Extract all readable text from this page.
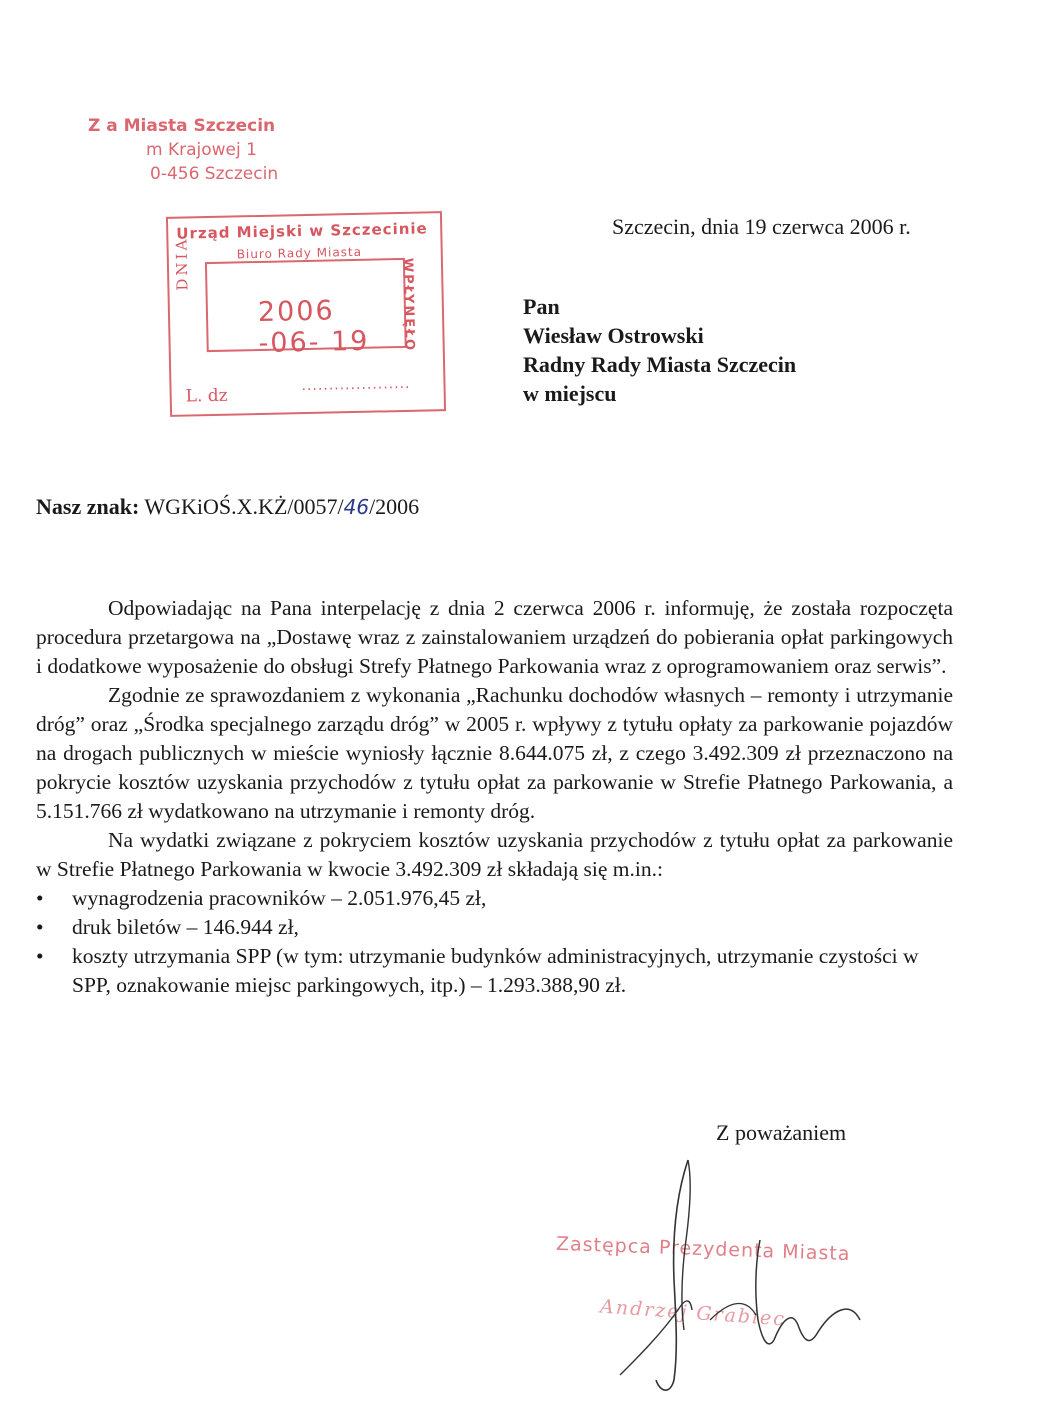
Z a Miasta Szczecin
m Krajowej 1
0-456 Szczecin
Urząd Miejski w Szczecinie
Biuro Rady Miasta
2006 -06- 19
DNIA	WPŁYNĘŁO
L. dz
....................
Szczecin, dnia 19 czerwca 2006 r.
Pan
Wiesław Ostrowski
Radny Rady Miasta Szczecin
w miejscu
Nasz znak: WGKiOŚ.X.KŻ/0057/46/2006

Odpowiadając na Pana interpelację z dnia 2 czerwca 2006 r. informuję, że została rozpoczęta procedura przetargowa na „Dostawę wraz z zainstalowaniem urządzeń do pobierania opłat parkingowych i dodatkowe wyposażenie do obsługi Strefy Płatnego Parkowania wraz z oprogramowaniem oraz serwis”.

Zgodnie ze sprawozdaniem z wykonania „Rachunku dochodów własnych – remonty i utrzymanie dróg” oraz „Środka specjalnego zarządu dróg” w 2005 r. wpływy z tytułu opłaty za parkowanie pojazdów na drogach publicznych w mieście wyniosły łącznie 8.644.075 zł, z czego 3.492.309 zł przeznaczono na pokrycie kosztów uzyskania przychodów z tytułu opłat za parkowanie w Strefie Płatnego Parkowania, a 5.151.766 zł wydatkowano na utrzymanie i remonty dróg.

Na wydatki związane z pokryciem kosztów uzyskania przychodów z tytułu opłat za parkowanie w Strefie Płatnego Parkowania w kwocie 3.492.309 zł składają się m.in.:

• wynagrodzenia pracowników – 2.051.976,45 zł,
• druk biletów – 146.944 zł,
• koszty utrzymania SPP (w tym: utrzymanie budynków administracyjnych, utrzymanie czystości w SPP, oznakowanie miejsc parkingowych, itp.) – 1.293.388,90 zł.
Z poważaniem
Zastępca Prezydenta Miasta
Andrzej Grabiec
